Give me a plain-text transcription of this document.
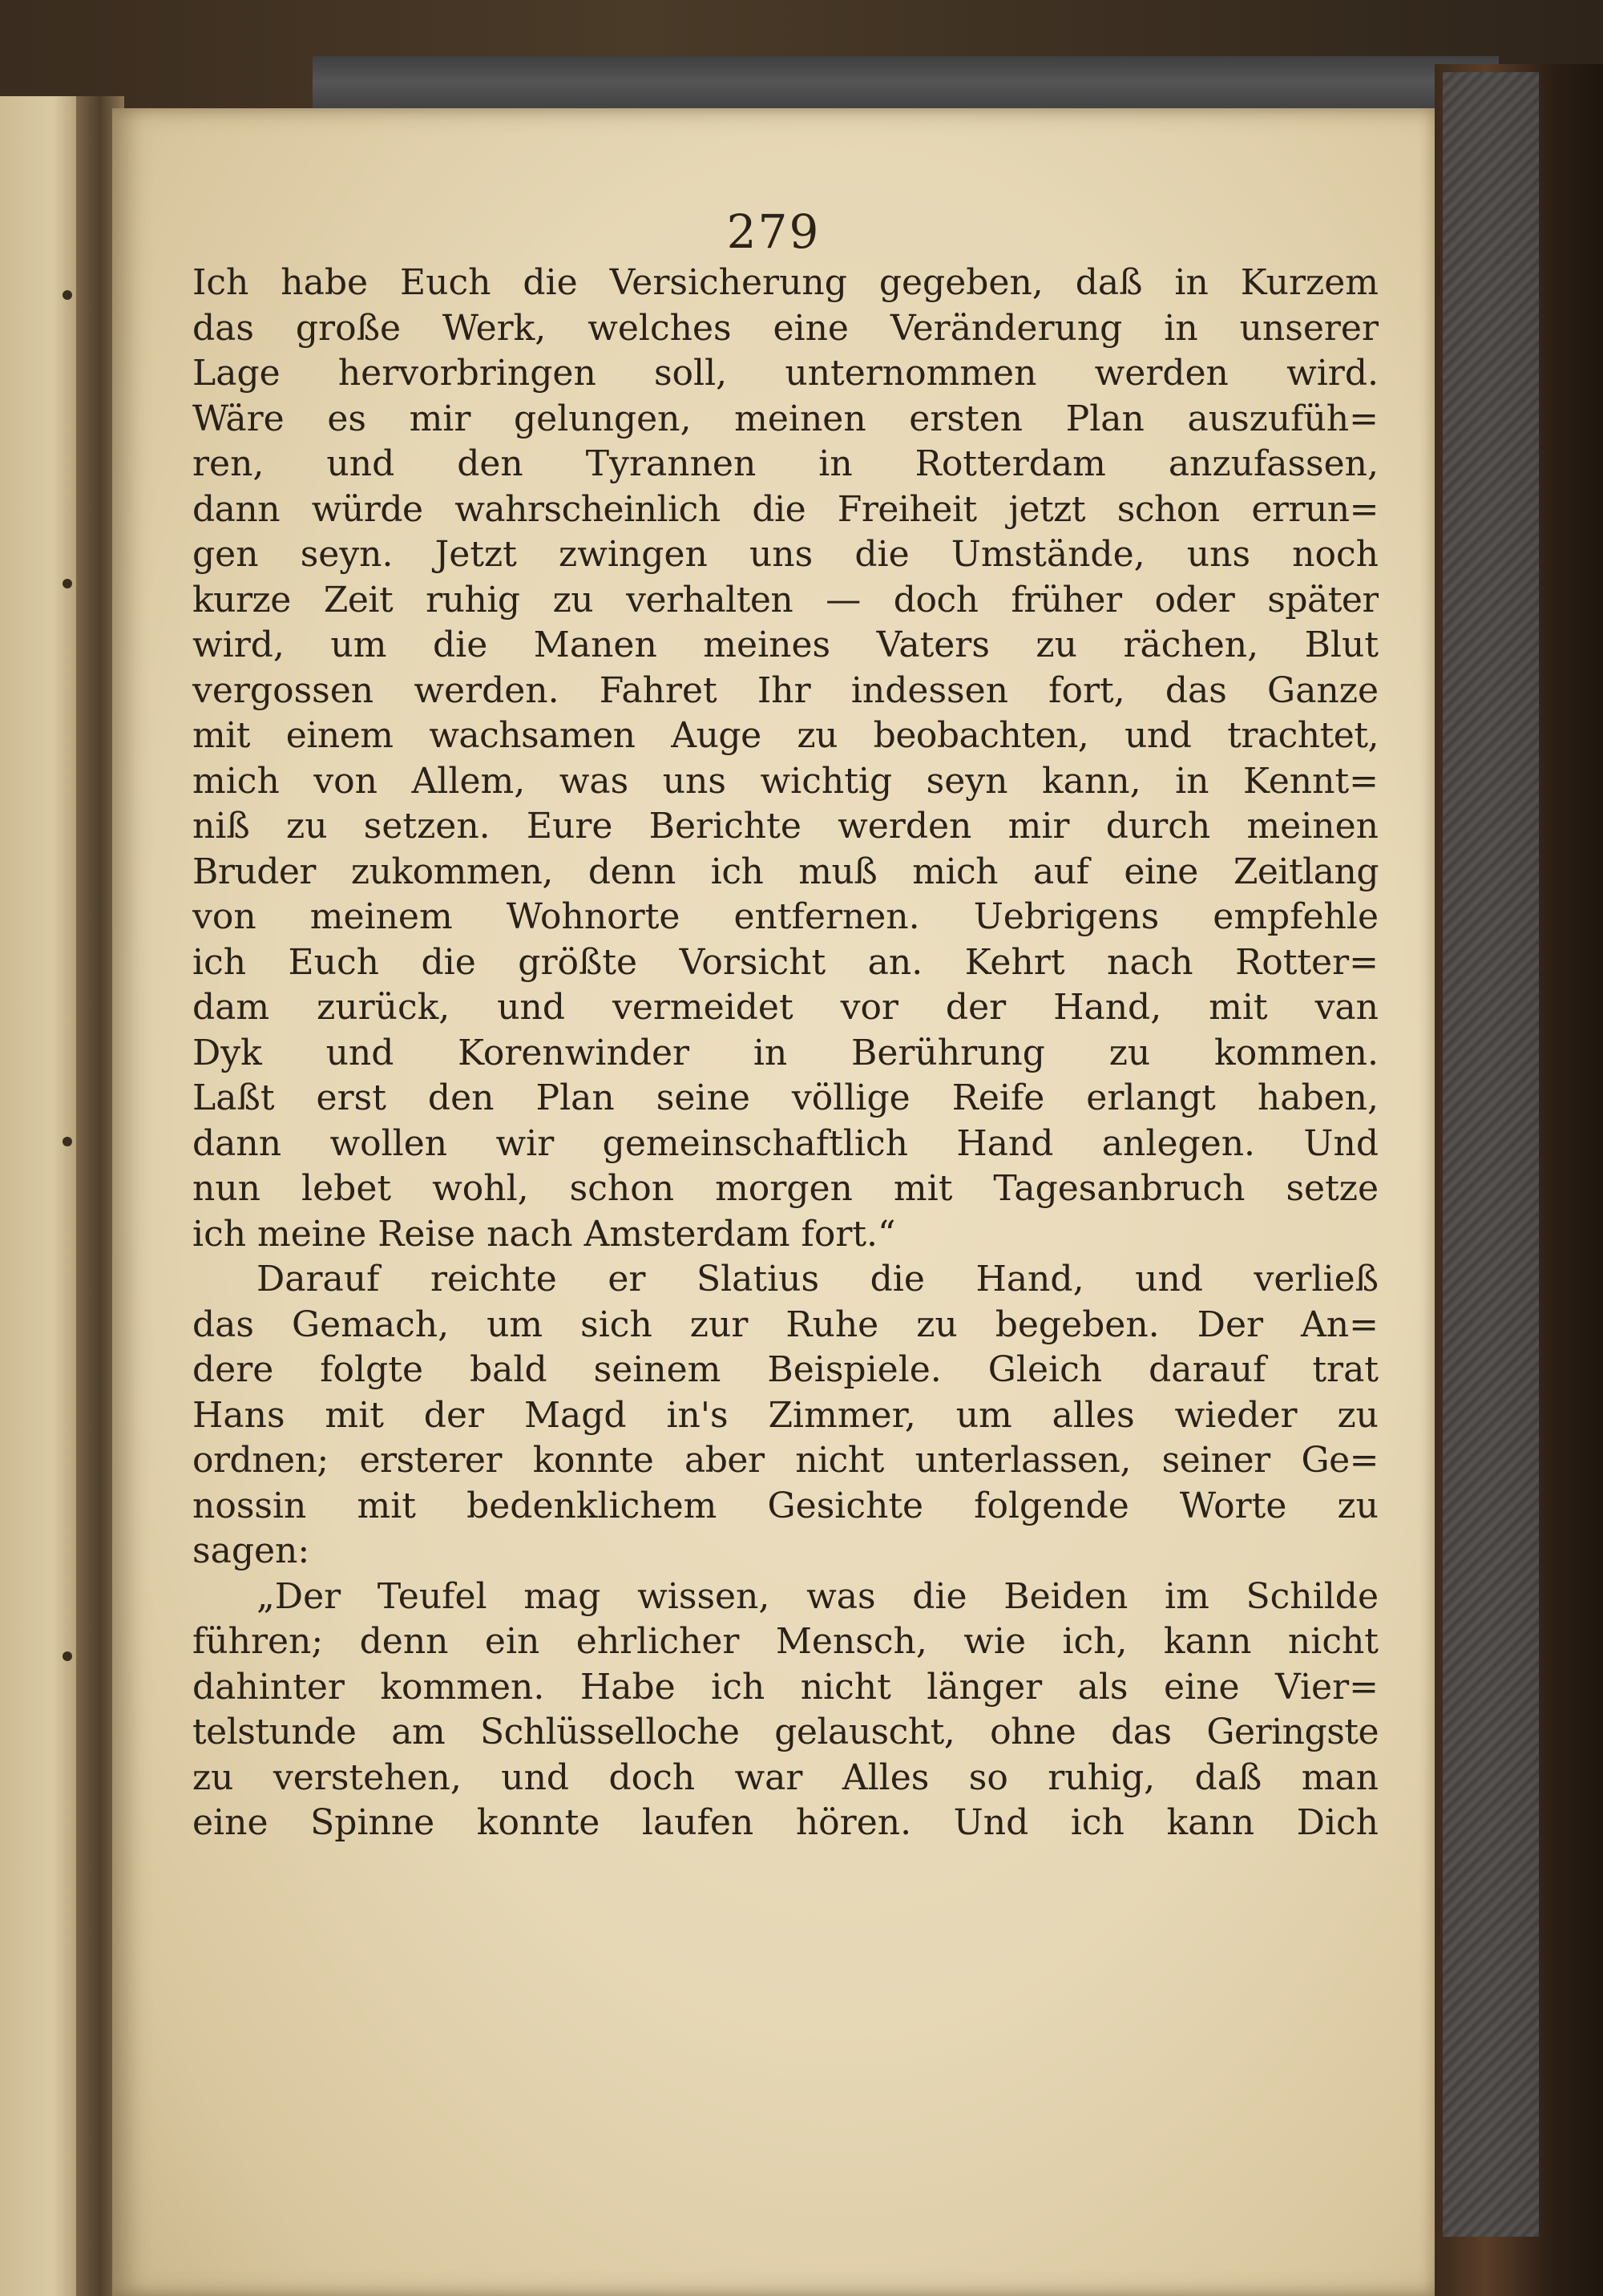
279
Ich habe Euch die Versicherung gegeben, daß in Kurzem
das große Werk, welches eine Veränderung in unserer
Lage hervorbringen soll, unternommen werden wird.
Wäre es mir gelungen, meinen ersten Plan auszufüh=
ren, und den Tyrannen in Rotterdam anzufassen,
dann würde wahrscheinlich die Freiheit jetzt schon errun=
gen seyn. Jetzt zwingen uns die Umstände, uns noch
kurze Zeit ruhig zu verhalten — doch früher oder später
wird, um die Manen meines Vaters zu rächen, Blut
vergossen werden. Fahret Ihr indessen fort, das Ganze
mit einem wachsamen Auge zu beobachten, und trachtet,
mich von Allem, was uns wichtig seyn kann, in Kennt=
niß zu setzen. Eure Berichte werden mir durch meinen
Bruder zukommen, denn ich muß mich auf eine Zeitlang
von meinem Wohnorte entfernen. Uebrigens empfehle
ich Euch die größte Vorsicht an. Kehrt nach Rotter=
dam zurück, und vermeidet vor der Hand, mit van
Dyk und Korenwinder in Berührung zu kommen.
Laßt erst den Plan seine völlige Reife erlangt haben,
dann wollen wir gemeinschaftlich Hand anlegen. Und
nun lebet wohl, schon morgen mit Tagesanbruch setze
ich meine Reise nach Amsterdam fort.“
Darauf reichte er Slatius die Hand, und verließ
das Gemach, um sich zur Ruhe zu begeben. Der An=
dere folgte bald seinem Beispiele. Gleich darauf trat
Hans mit der Magd in's Zimmer, um alles wieder zu
ordnen; ersterer konnte aber nicht unterlassen, seiner Ge=
nossin mit bedenklichem Gesichte folgende Worte zu
sagen:
„Der Teufel mag wissen, was die Beiden im Schilde
führen; denn ein ehrlicher Mensch, wie ich, kann nicht
dahinter kommen. Habe ich nicht länger als eine Vier=
telstunde am Schlüsselloche gelauscht, ohne das Geringste
zu verstehen, und doch war Alles so ruhig, daß man
eine Spinne konnte laufen hören. Und ich kann Dich
